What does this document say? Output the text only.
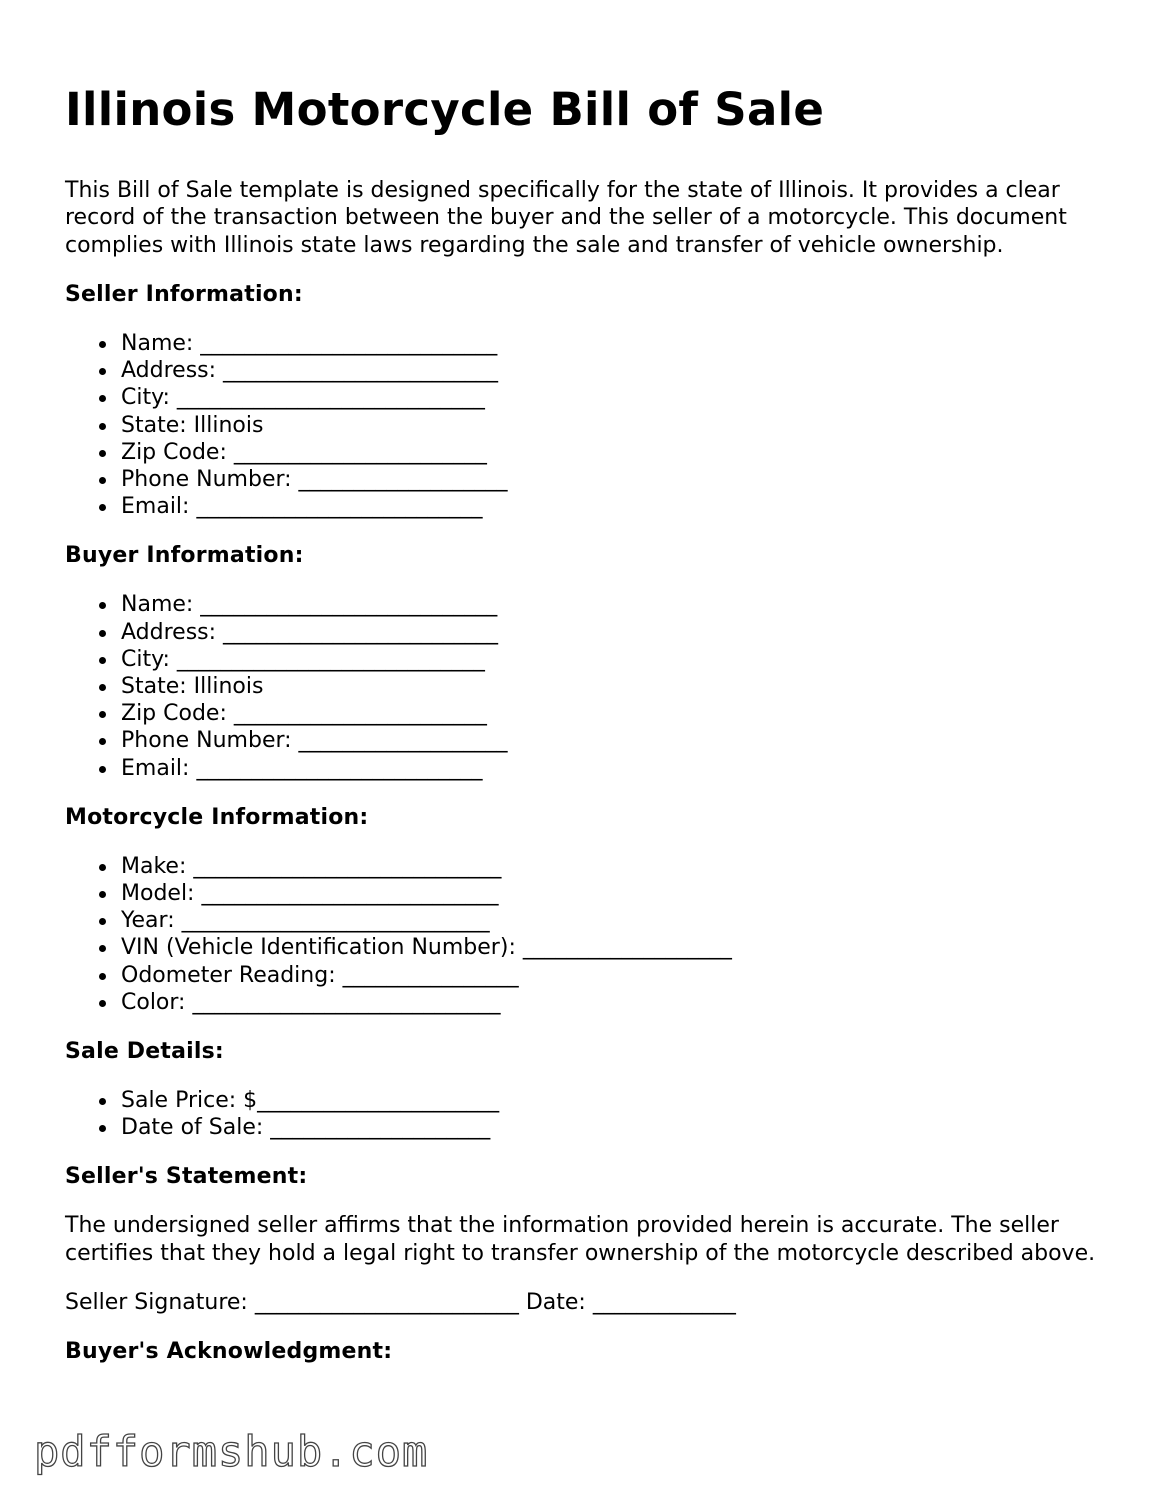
Illinois Motorcycle Bill of Sale

This Bill of Sale template is designed specifically for the state of Illinois. It provides a clear record of the transaction between the buyer and the seller of a motorcycle. This document complies with Illinois state laws regarding the sale and transfer of vehicle ownership.

Seller Information:
Name: ___________________________
Address: _________________________
City: ____________________________
State: Illinois
Zip Code: _______________________
Phone Number: ___________________
Email: __________________________
Buyer Information:
Name: ___________________________
Address: _________________________
City: ____________________________
State: Illinois
Zip Code: _______________________
Phone Number: ___________________
Email: __________________________
Motorcycle Information:
Make: ____________________________
Model: ___________________________
Year: ____________________________
VIN (Vehicle Identification Number): ___________________
Odometer Reading: ________________
Color: ____________________________
Sale Details:
Sale Price: $______________________
Date of Sale: ____________________
Seller's Statement:

The undersigned seller affirms that the information provided herein is accurate. The seller certifies that they hold a legal right to transfer ownership of the motorcycle described above.

Seller Signature: ________________________ Date: _____________
Buyer's Acknowledgment:
pdfformshub.com
